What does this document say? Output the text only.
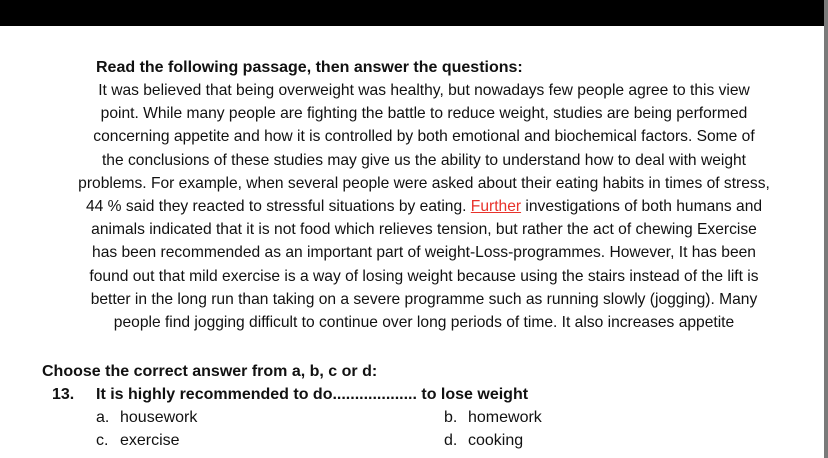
Read the following passage, then answer the questions:
It was believed that being overweight was healthy, but nowadays few people agree to this view
point. While many people are fighting the battle to reduce weight, studies are being performed
concerning appetite and how it is controlled by both emotional and biochemical factors. Some of
the conclusions of these studies may give us the ability to understand how to deal with weight
problems. For example, when several people were asked about their eating habits in times of stress,
44 % said they reacted to stressful situations by eating. Further investigations of both humans and
animals indicated that it is not food which relieves tension, but rather the act of chewing Exercise
has been recommended as an important part of weight-Loss-programmes. However, It has been
found out that mild exercise is a way of losing weight because using the stairs instead of the lift is
better in the long run than taking on a severe programme such as running slowly (jogging). Many
people find jogging difficult to continue over long periods of time. It also increases appetite
Choose the correct answer from a, b, c or d:
13. It is highly recommended to do................... to lose weight
a. housework	b. homework
c. exercise	d. cooking
